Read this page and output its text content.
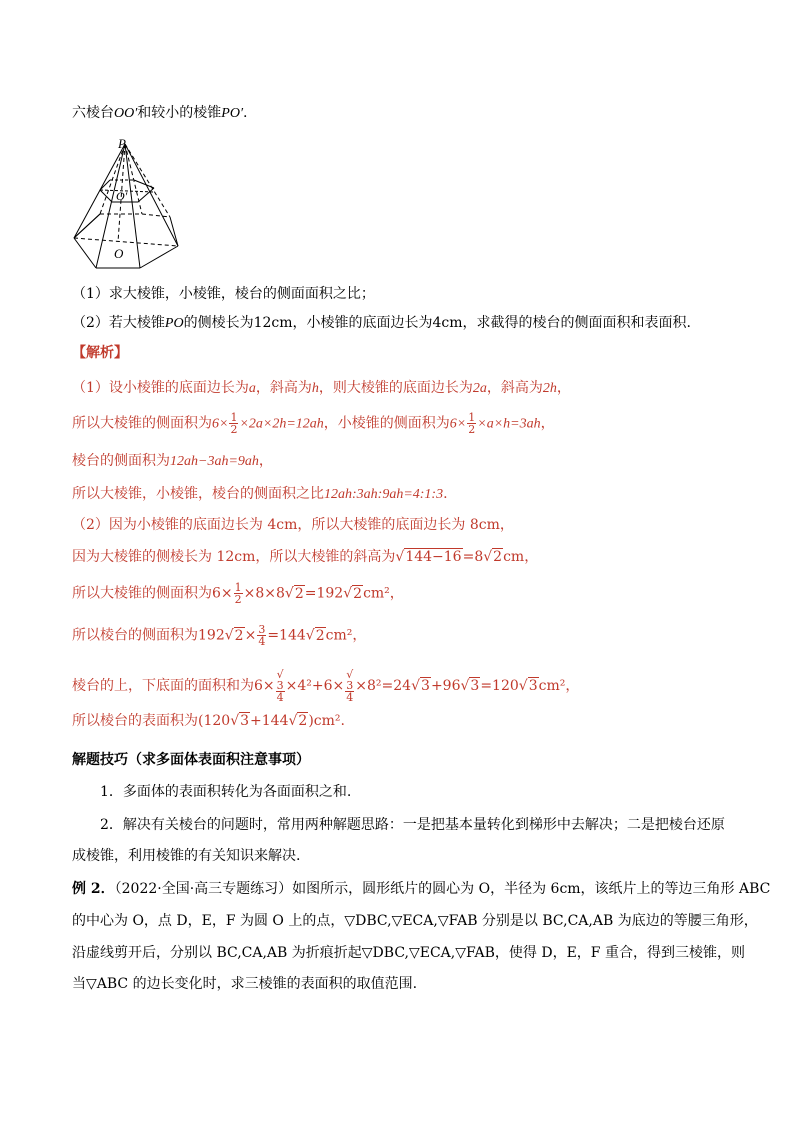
六棱台OO′和较小的棱锥PO′.
P
O′
O
（1）求大棱锥，小棱锥，棱台的侧面面积之比；
（2）若大棱锥PO的侧棱长为12cm，小棱锥的底面边长为4cm，求截得的棱台的侧面面积和表面积.
【解析】
（1）设小棱锥的底面边长为a，斜高为h，则大棱锥的底面边长为2a，斜高为2h，
所以大棱锥的侧面积为$6\times \frac{1}{2} \times 2a\times 2h=12ah$，小棱锥的侧面积为$6\times \frac{1}{2} \times a\times h=3ah$，
棱台的侧面积为12ah−3ah=9ah，
所以大棱锥，小棱锥，棱台的侧面积之比12ah:3ah:9ah=4:1:3.
（2）因为小棱锥的底面边长为 4cm，所以大棱锥的底面边长为 8cm，
因为大棱锥的侧棱长为 12cm，所以大棱锥的斜高为√144−16=8√2cm，
所以大棱锥的侧面积为$6\times \frac{1}{2} \times 8\times 8√2=192√2cm^2$，
所以棱台的侧面积为$192√2\times \frac{3}{4} =144√2cm^2$，
棱台的上，下底面的面积和为6× √
3
4 ×4²+6× √
3
4 ×8²=24√3+96√3=120√3cm²，
所以棱台的表面积为(120√3+144√2)cm².
解题技巧（求多面体表面积注意事项）
1．多面体的表面积转化为各面面积之和.
2．解决有关棱台的问题时，常用两种解题思路：一是把基本量转化到梯形中去解决；二是把棱台还原
成棱锥，利用棱锥的有关知识来解决.
例 2．（2022·全国·高三专题练习）如图所示，圆形纸片的圆心为 O，半径为 6cm，该纸片上的等边三角形 ABC
的中心为 O，点 D，E，F 为圆 O 上的点，▽DBC,▽ECA,▽FAB 分别是以 BC,CA,AB 为底边的等腰三角形，
沿虚线剪开后，分别以 BC,CA,AB 为折痕折起▽DBC,▽ECA,▽FAB，使得 D，E，F 重合，得到三棱锥，则
当▽ABC 的边长变化时，求三棱锥的表面积的取值范围.
